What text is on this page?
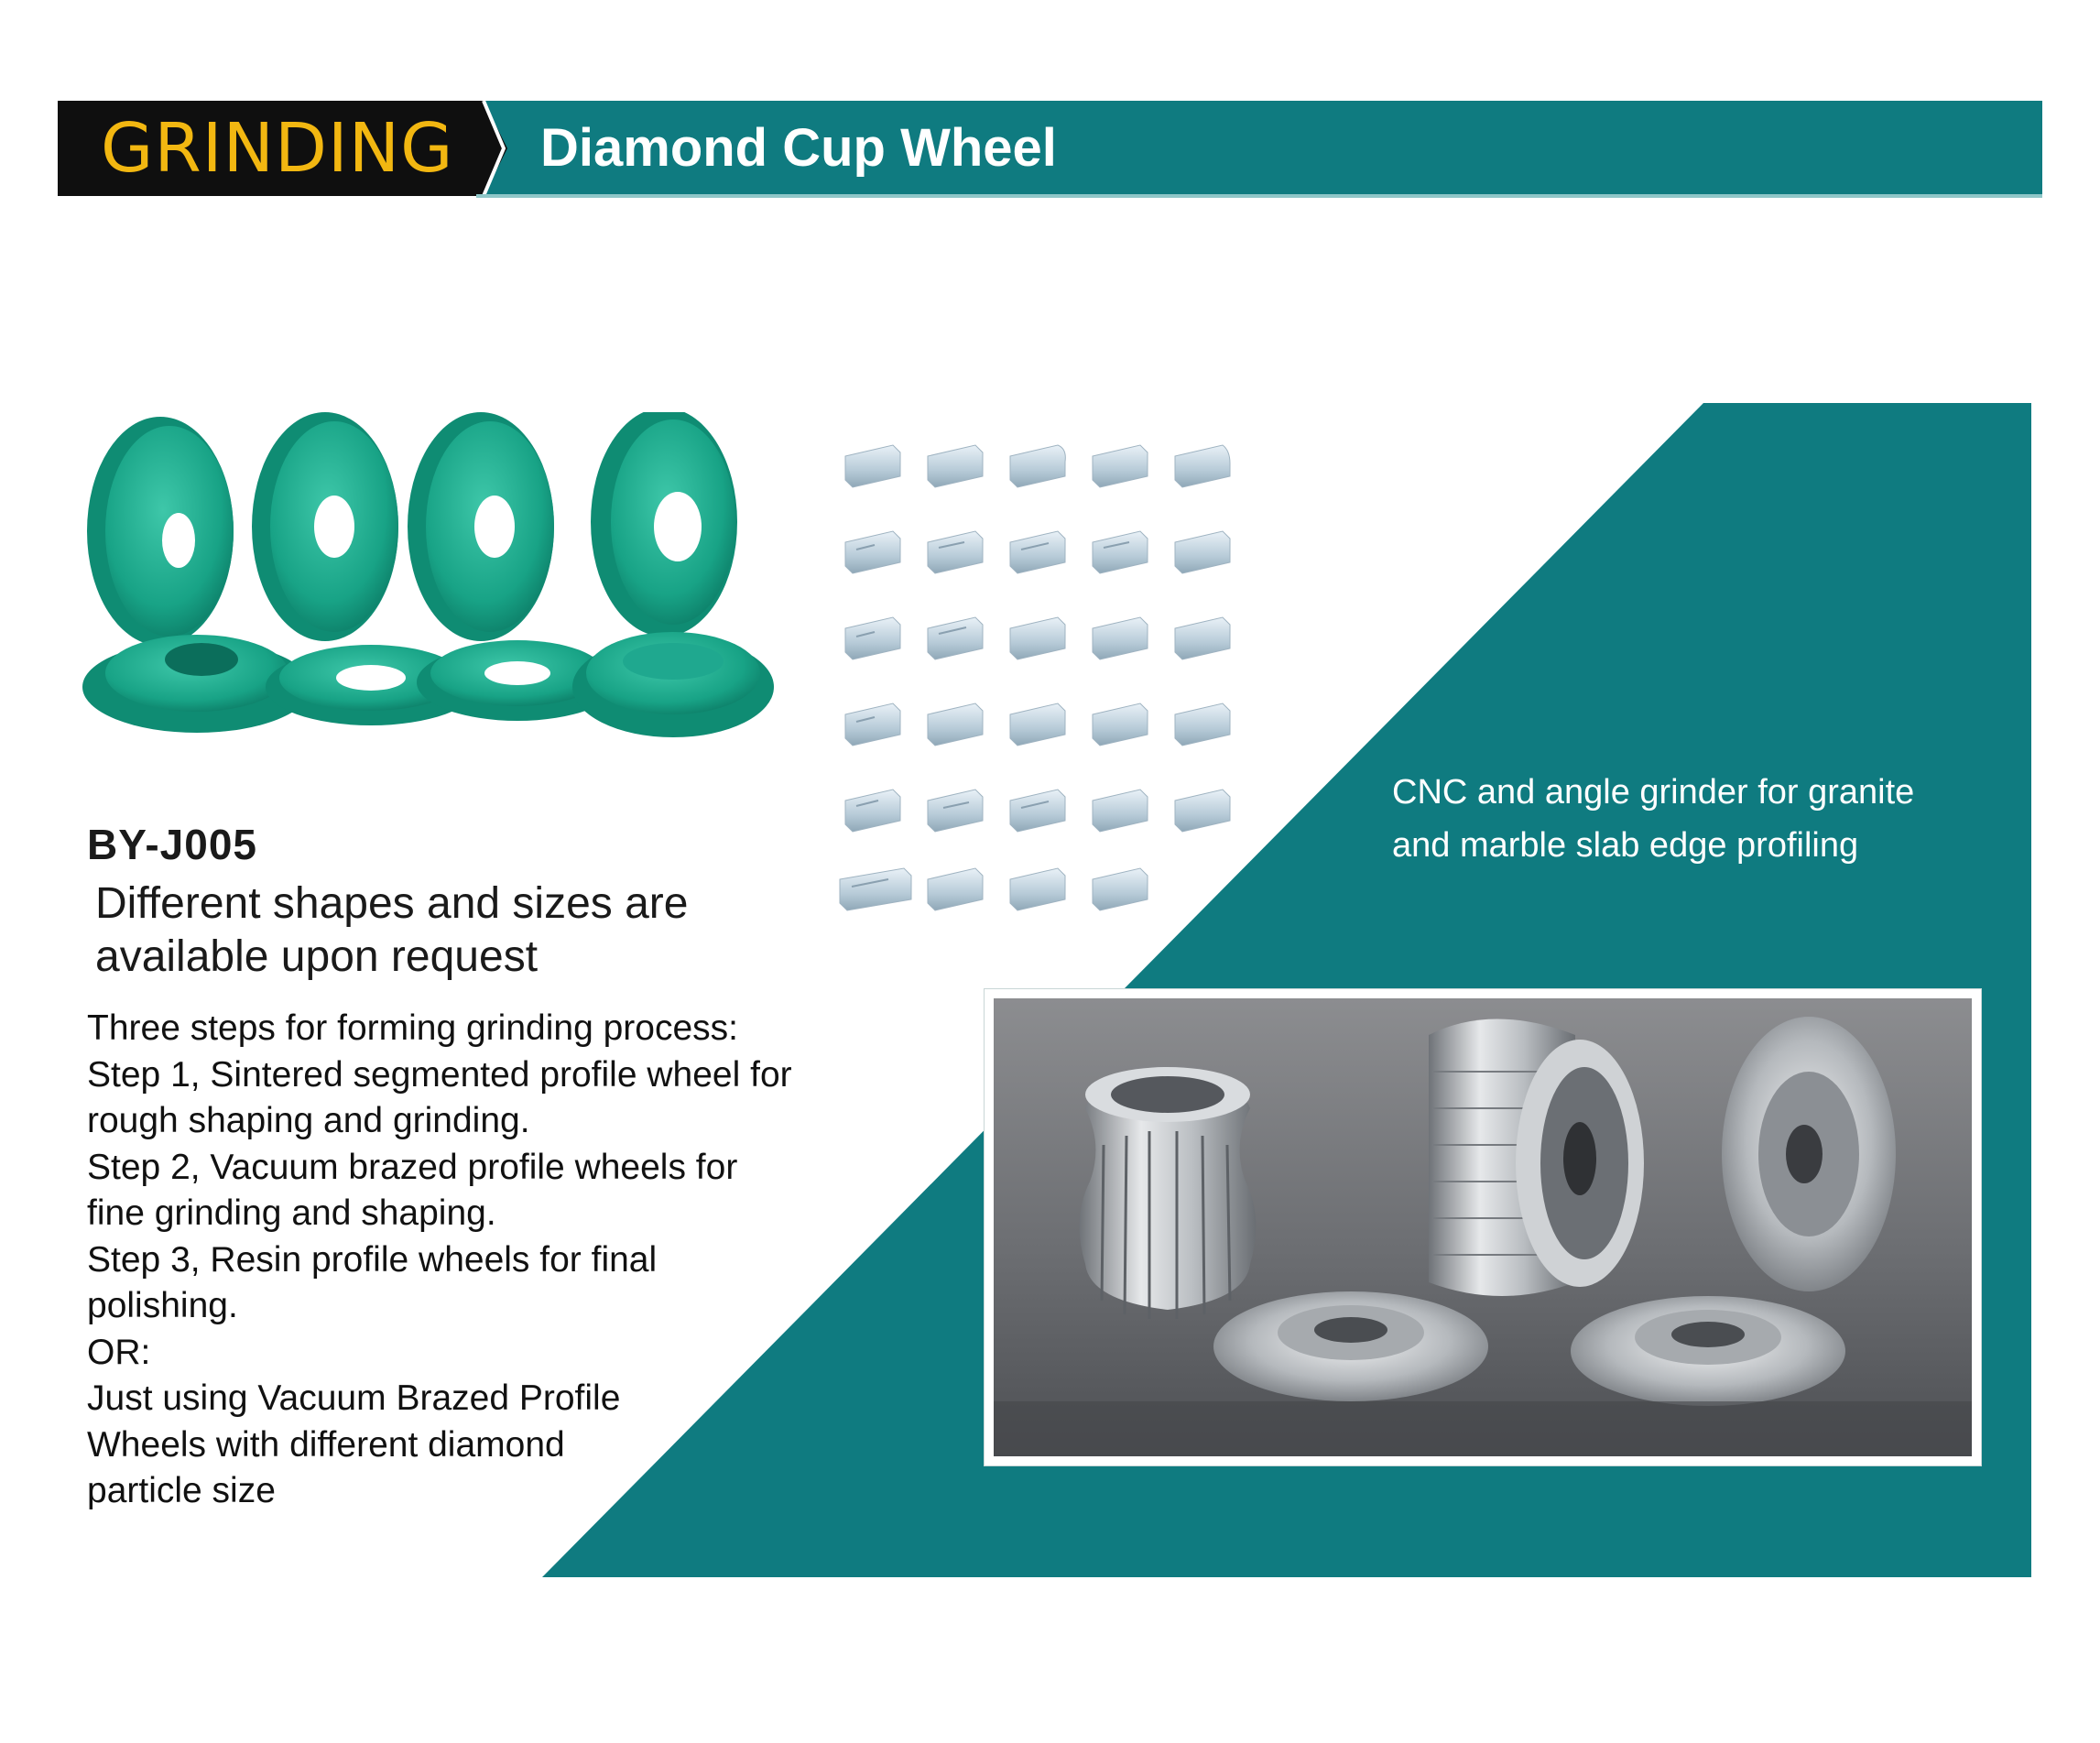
GRINDING Diamond Cup Wheel
BY-J005
Different shapes and sizes are available upon request
Three steps for forming grinding process:
Step 1, Sintered segmented profile wheel for
rough shaping and grinding.
Step 2, Vacuum brazed profile wheels for
fine grinding and shaping.
Step 3, Resin profile wheels for final
polishing.
OR:
Just using Vacuum Brazed Profile
Wheels with different diamond
particle size
CNC and angle grinder for granite
and marble slab edge profiling
